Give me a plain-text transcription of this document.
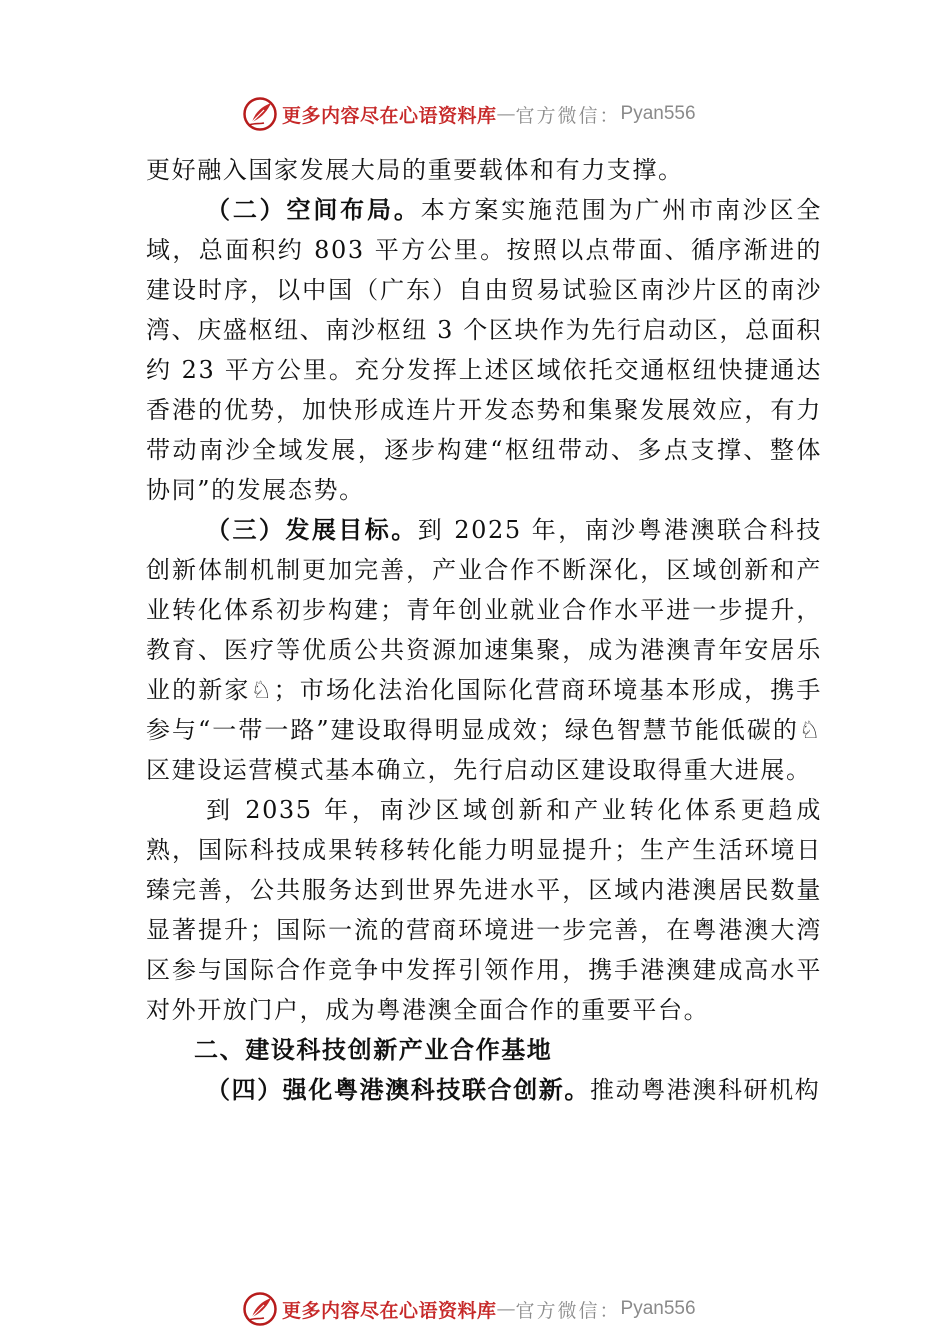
更多内容尽在心语资料库 — 官方微信： Pyan556

更好融入国家发展大局的重要载体和有力支撑。

（二）空间布局。本方案实施范围为广州市南沙区全域，总面积约 803 平方公里。按照以点带面、循序渐进的建设时序，以中国（广东）自由贸易试验区南沙片区的南沙湾、庆盛枢纽、南沙枢纽 3 个区块作为先行启动区，总面积约 23 平方公里。充分发挥上述区域依托交通枢纽快捷通达香港的优势，加快形成连片开发态势和集聚发展效应，有力带动南沙全域发展，逐步构建“枢纽带动、多点支撑、整体协同”的发展态势。

（三）发展目标。到 2025 年，南沙粤港澳联合科技创新体制机制更加完善，产业合作不断深化，区域创新和产业转化体系初步构建；青年创业就业合作水平进一步提升，教育、医疗等优质公共资源加速集聚，成为港澳青年安居乐业的新家♘；市场化法治化国际化营商环境基本形成，携手参与“一带一路”建设取得明显成效；绿色智慧节能低碳的♘ 区建设运营模式基本确立，先行启动区建设取得重大进展。

到 2035 年，南沙区域创新和产业转化体系更趋成熟，国际科技成果转移转化能力明显提升；生产生活环境日臻完善，公共服务达到世界先进水平，区域内港澳居民数量显著提升；国际一流的营商环境进一步完善，在粤港澳大湾区参与国际合作竞争中发挥引领作用，携手港澳建成高水平对外开放门户，成为粤港澳全面合作的重要平台。

二、建设科技创新产业合作基地

（四）强化粤港澳科技联合创新。推动粤港澳科研机构

更多内容尽在心语资料库 — 官方微信： Pyan556
